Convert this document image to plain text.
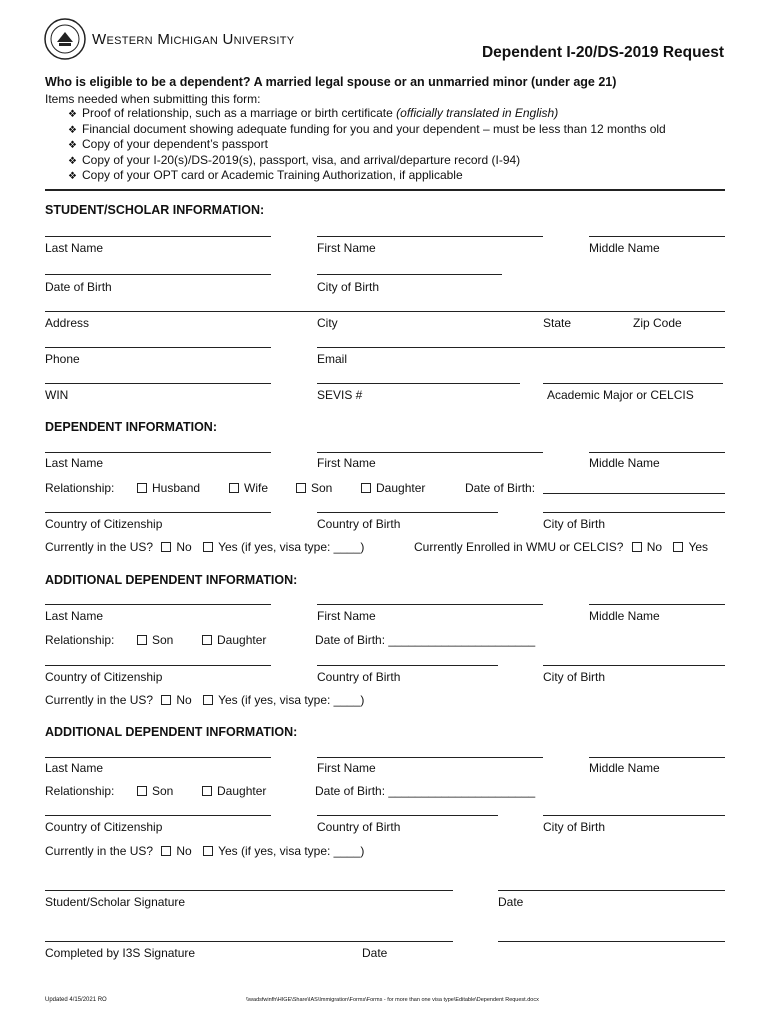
Western Michigan University
Dependent I-20/DS-2019 Request
Who is eligible to be a dependent? A married legal spouse or an unmarried minor (under age 21)
Items needed when submitting this form:
❖ Proof of relationship, such as a marriage or birth certificate (officially translated in English)
❖ Financial document showing adequate funding for you and your dependent – must be less than 12 months old
❖ Copy of your dependent’s passport
❖ Copy of your I-20(s)/DS-2019(s), passport, visa, and arrival/departure record (I-94)
❖ Copy of your OPT card or Academic Training Authorization, if applicable
STUDENT/SCHOLAR INFORMATION:
Last Name	First Name	Middle Name
Date of Birth	City of Birth
Address	City	State	Zip Code
Phone	Email
WIN	SEVIS #	Academic Major or CELCIS
DEPENDENT INFORMATION:
Last Name	First Name	Middle Name
Relationship:	Husband	Wife	Son	Daughter	Date of Birth:
Country of Citizenship	Country of Birth	City of Birth
Currently in the US? No Yes (if yes, visa type: ____)	Currently Enrolled in WMU or CELCIS? No Yes
ADDITIONAL DEPENDENT INFORMATION:
Last Name	First Name	Middle Name
Relationship:	Son	Daughter	Date of Birth: ______________________
Country of Citizenship	Country of Birth	City of Birth
Currently in the US? No Yes (if yes, visa type: ____)
ADDITIONAL DEPENDENT INFORMATION:
Last Name	First Name	Middle Name
Relationship:	Son	Daughter	Date of Birth: ______________________
Country of Citizenship	Country of Birth	City of Birth
Currently in the US? No Yes (if yes, visa type: ____)
Student/Scholar Signature	Date
Completed by I3S Signature	Date
Updated 4/15/2021 RO	\\wadsfwinfh\HIGE\Share\IAS\Immigration\Forms\Forms - for more than one visa type\Editable\Dependent Request.docx
